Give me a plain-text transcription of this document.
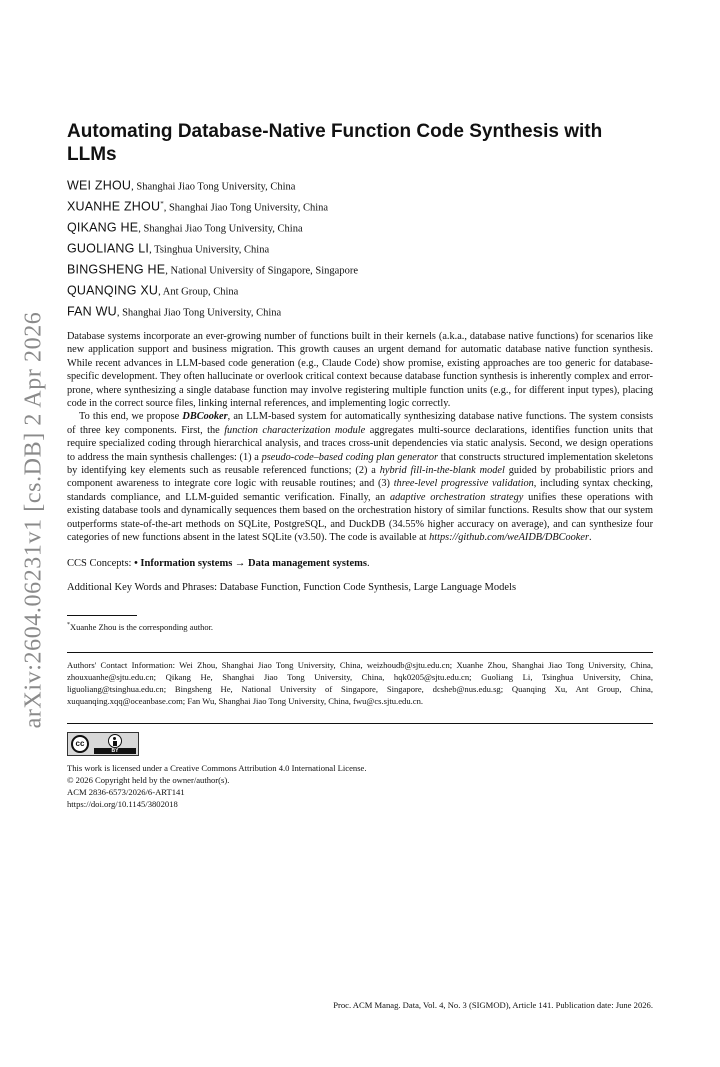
arXiv:2604.06231v1 [cs.DB] 2 Apr 2026
Automating Database-Native Function Code Synthesis with LLMs
WEI ZHOU, Shanghai Jiao Tong University, China
XUANHE ZHOU*, Shanghai Jiao Tong University, China
QIKANG HE, Shanghai Jiao Tong University, China
GUOLIANG LI, Tsinghua University, China
BINGSHENG HE, National University of Singapore, Singapore
QUANQING XU, Ant Group, China
FAN WU, Shanghai Jiao Tong University, China

Database systems incorporate an ever-growing number of functions built in their kernels (a.k.a., database native functions) for scenarios like new application support and business migration. This growth causes an urgent demand for automatic database native function synthesis. While recent advances in LLM-based code generation (e.g., Claude Code) show promise, existing approaches are too generic for database-specific development. They often hallucinate or overlook critical context because database function synthesis is inherently complex and error-prone, where synthesizing a single database function may involve registering multiple function units (e.g., for different input types), placing code in the correct source files, linking internal references, and implementing logic correctly.

To this end, we propose DBCooker, an LLM-based system for automatically synthesizing database native functions. The system consists of three key components. First, the function characterization module aggregates multi-source declarations, identifies function units that require specialized coding through hierarchical analysis, and traces cross-unit dependencies via static analysis. Second, we design operations to address the main synthesis challenges: (1) a pseudo-code–based coding plan generator that constructs structured implementation skeletons by identifying key elements such as reusable referenced functions; (2) a hybrid fill-in-the-blank model guided by probabilistic priors and component awareness to integrate core logic with reusable routines; and (3) three-level progressive validation, including syntax checking, standards compliance, and LLM-guided semantic verification. Finally, an adaptive orchestration strategy unifies these operations with existing database tools and dynamically sequences them based on the orchestration history of similar functions. Results show that our system outperforms state-of-the-art methods on SQLite, PostgreSQL, and DuckDB (34.55% higher accuracy on average), and can synthesize four categories of new functions absent in the latest SQLite (v3.50). The code is available at https://github.com/weAIDB/DBCooker.

CCS Concepts: • Information systems → Data management systems.

Additional Key Words and Phrases: Database Function, Function Code Synthesis, Large Language Models

*Xuanhe Zhou is the corresponding author.
Authors' Contact Information: Wei Zhou, Shanghai Jiao Tong University, China, weizhoudb@sjtu.edu.cn; Xuanhe Zhou, Shanghai Jiao Tong University, China, zhouxuanhe@sjtu.edu.cn; Qikang He, Shanghai Jiao Tong University, China, hqk0205@sjtu.edu.cn; Guoliang Li, Tsinghua University, China, liguoliang@tsinghua.edu.cn; Bingsheng He, National University of Singapore, Singapore, dcsheb@nus.edu.sg; Quanqing Xu, Ant Group, China, xuquanqing.xqq@oceanbase.com; Fan Wu, Shanghai Jiao Tong University, China, fwu@cs.sjtu.edu.cn.
cc
BY
This work is licensed under a Creative Commons Attribution 4.0 International License.
© 2026 Copyright held by the owner/author(s).
ACM 2836-6573/2026/6-ART141
https://doi.org/10.1145/3802018
Proc. ACM Manag. Data, Vol. 4, No. 3 (SIGMOD), Article 141. Publication date: June 2026.
